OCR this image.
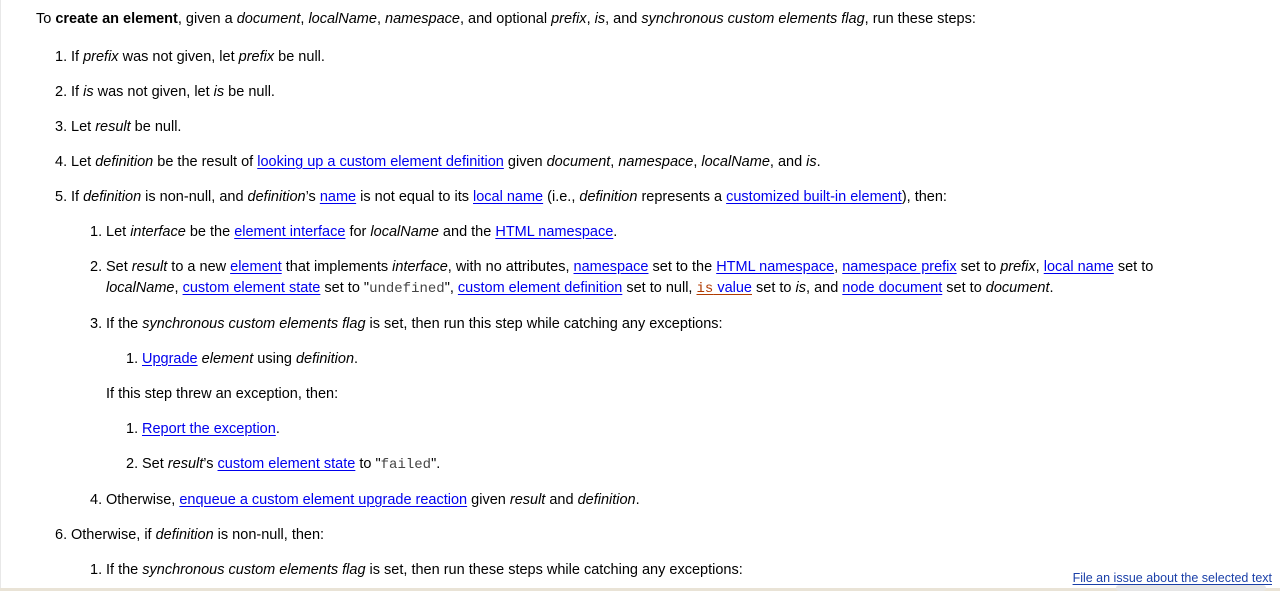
To create an element, given a document, localName, namespace, and optional prefix, is, and synchronous custom elements flag, run these steps:

1. If prefix was not given, let prefix be null.
2. If is was not given, let is be null.
3. Let result be null.
4. Let definition be the result of looking up a custom element definition given document, namespace, localName, and is.
5. If definition is non-null, and definition’s name is not equal to its local name (i.e., definition represents a customized built-in element), then:
1. Let interface be the element interface for localName and the HTML namespace.
2. Set result to a new element that implements interface, with no attributes, namespace set to the HTML namespace, namespace prefix set to prefix, local name set to localName, custom element state set to "undefined", custom element definition set to null, is value set to is, and node document set to document.
3. If the synchronous custom elements flag is set, then run this step while catching any exceptions:
1. Upgrade element using definition.
If this step threw an exception, then:
1. Report the exception.
2. Set result’s custom element state to "failed".
4. Otherwise, enqueue a custom element upgrade reaction given result and definition.
6. Otherwise, if definition is non-null, then:
1. If the synchronous custom elements flag is set, then run these steps while catching any exceptions:	File an issue about the selected text
